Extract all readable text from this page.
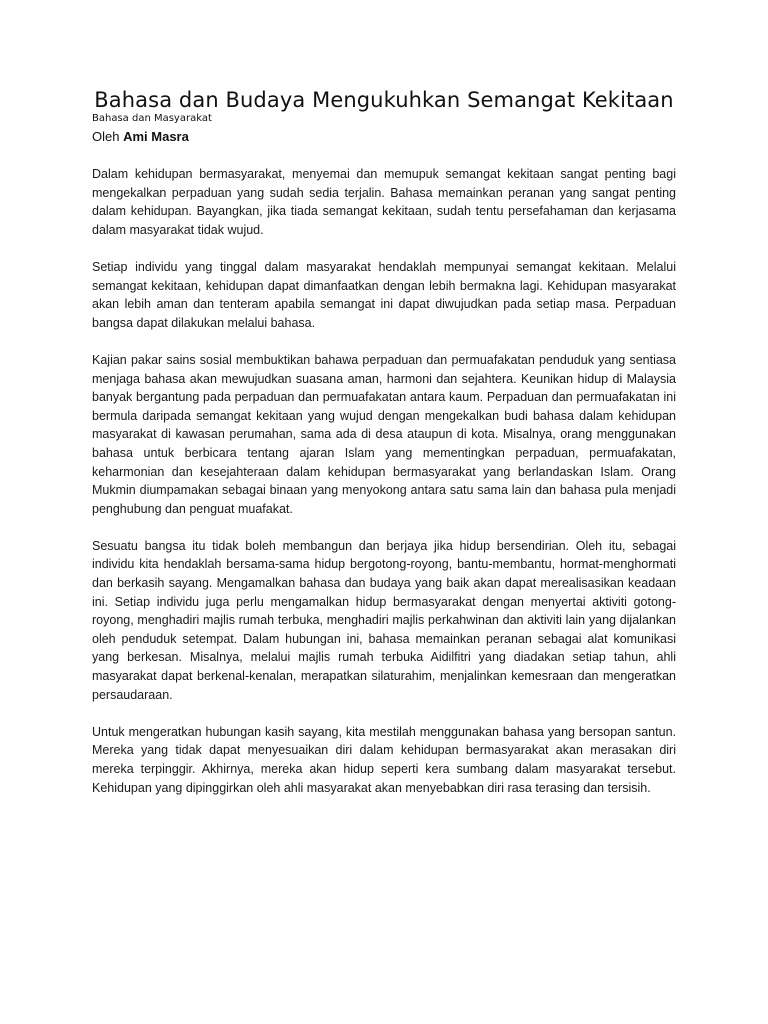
Bahasa dan Budaya Mengukuhkan Semangat Kekitaan
Bahasa dan Masyarakat
Oleh Ami Masra

Dalam kehidupan bermasyarakat, menyemai dan memupuk semangat kekitaan sangat penting bagi mengekalkan perpaduan yang sudah sedia terjalin. Bahasa memainkan peranan yang sangat penting dalam kehidupan. Bayangkan, jika tiada semangat kekitaan, sudah tentu persefahaman dan kerjasama dalam masyarakat tidak wujud.

Setiap individu yang tinggal dalam masyarakat hendaklah mempunyai semangat kekitaan. Melalui semangat kekitaan, kehidupan dapat dimanfaatkan dengan lebih bermakna lagi. Kehidupan masyarakat akan lebih aman dan tenteram apabila semangat ini dapat diwujudkan pada setiap masa. Perpaduan bangsa dapat dilakukan melalui bahasa.

Kajian pakar sains sosial membuktikan bahawa perpaduan dan permuafakatan penduduk yang sentiasa menjaga bahasa akan mewujudkan suasana aman, harmoni dan sejahtera. Keunikan hidup di Malaysia banyak bergantung pada perpaduan dan permuafakatan antara kaum. Perpaduan dan permuafakatan ini bermula daripada semangat kekitaan yang wujud dengan mengekalkan budi bahasa dalam kehidupan masyarakat di kawasan perumahan, sama ada di desa ataupun di kota. Misalnya, orang menggunakan bahasa untuk berbicara tentang ajaran Islam yang mementingkan perpaduan, permuafakatan, keharmonian dan kesejahteraan dalam kehidupan bermasyarakat yang berlandaskan Islam. Orang Mukmin diumpamakan sebagai binaan yang menyokong antara satu sama lain dan bahasa pula menjadi penghubung dan penguat muafakat.

Sesuatu bangsa itu tidak boleh membangun dan berjaya jika hidup bersendirian. Oleh itu, sebagai individu kita hendaklah bersama-sama hidup bergotong-royong, bantu-membantu, hormat-menghormati dan berkasih sayang. Mengamalkan bahasa dan budaya yang baik akan dapat merealisasikan keadaan ini. Setiap individu juga perlu mengamalkan hidup bermasyarakat dengan menyertai aktiviti gotong-royong, menghadiri majlis rumah terbuka, menghadiri majlis perkahwinan dan aktiviti lain yang dijalankan oleh penduduk setempat. Dalam hubungan ini, bahasa memainkan peranan sebagai alat komunikasi yang berkesan. Misalnya, melalui majlis rumah terbuka Aidilfitri yang diadakan setiap tahun, ahli masyarakat dapat berkenal-kenalan, merapatkan silaturahim, menjalinkan kemesraan dan mengeratkan persaudaraan.

Untuk mengeratkan hubungan kasih sayang, kita mestilah menggunakan bahasa yang bersopan santun. Mereka yang tidak dapat menyesuaikan diri dalam kehidupan bermasyarakat akan merasakan diri mereka terpinggir. Akhirnya, mereka akan hidup seperti kera sumbang dalam masyarakat tersebut. Kehidupan yang dipinggirkan oleh ahli masyarakat akan menyebabkan diri rasa terasing dan tersisih.
